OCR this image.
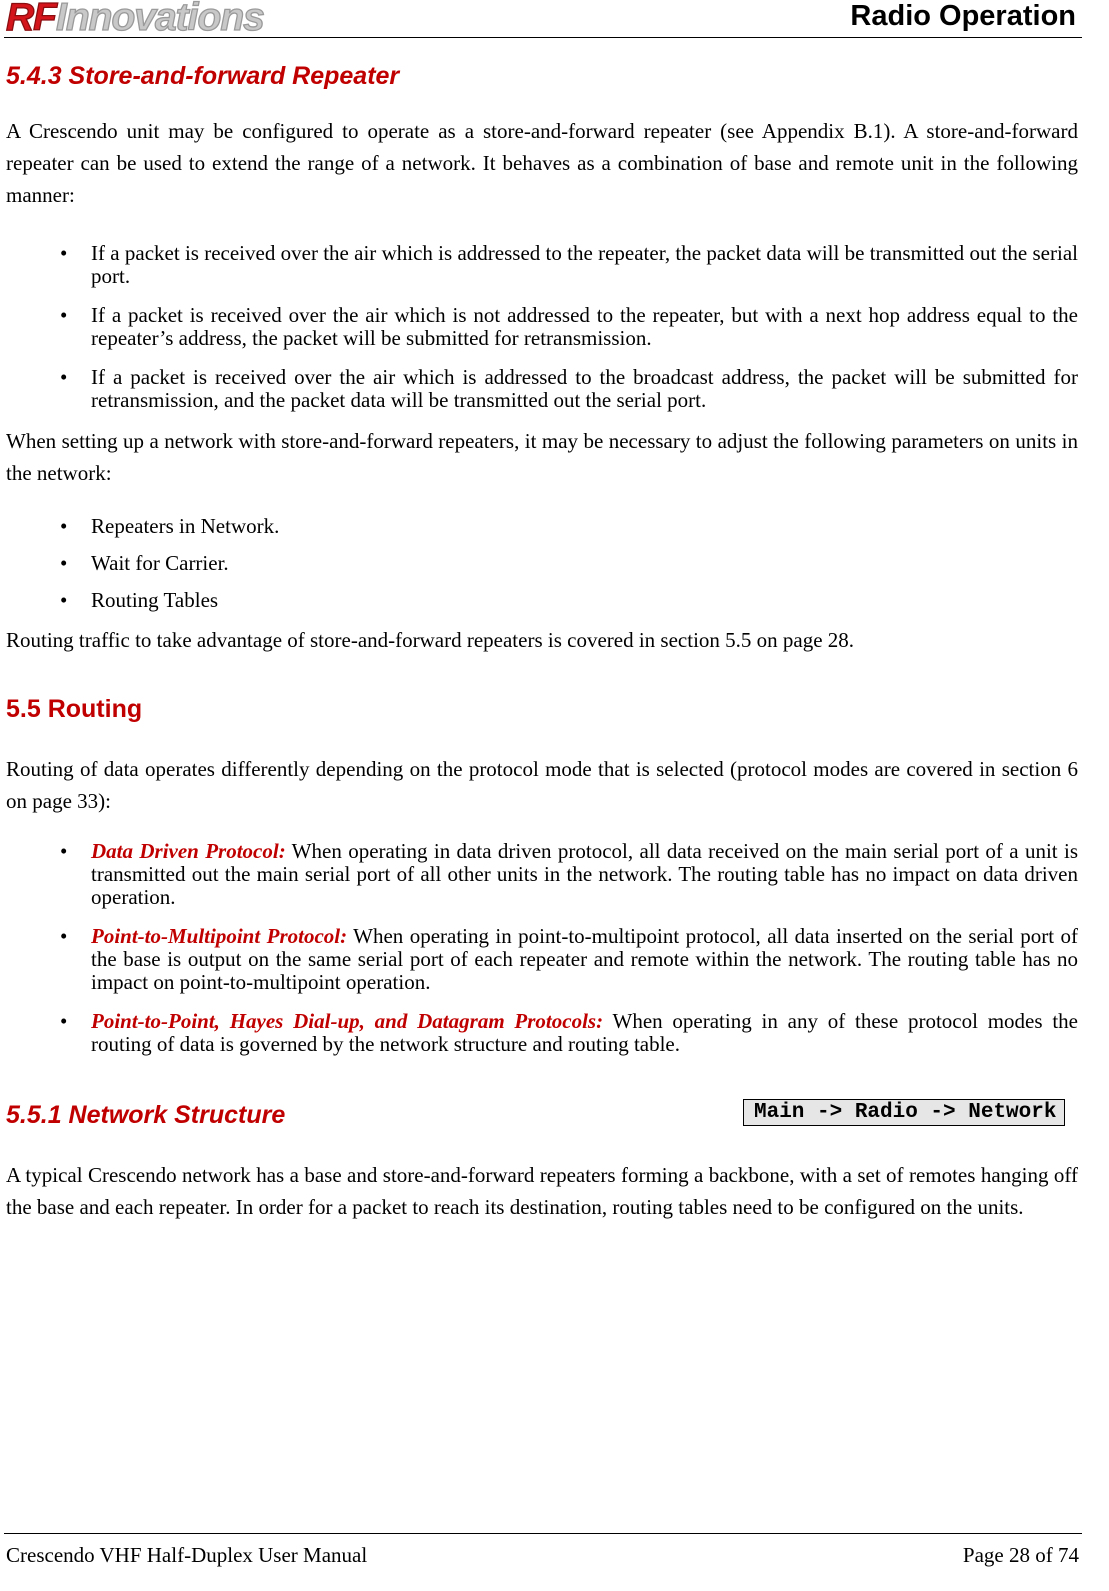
RFInnovations	Radio Operation
5.4.3 Store-and-forward Repeater
A Crescendo unit may be configured to operate as a store-and-forward repeater (see Appendix B.1). A store-and-forward repeater can be used to extend the range of a network. It behaves as a combination of base and remote unit in the following manner:
• If a packet is received over the air which is addressed to the repeater, the packet data will be transmitted out the serial port.
• If a packet is received over the air which is not addressed to the repeater, but with a next hop address equal to the repeater’s address, the packet will be submitted for retransmission.
• If a packet is received over the air which is addressed to the broadcast address, the packet will be submitted for retransmission, and the packet data will be transmitted out the serial port.
When setting up a network with store-and-forward repeaters, it may be necessary to adjust the following parameters on units in the network:
• Repeaters in Network.
• Wait for Carrier.
• Routing Tables
Routing traffic to take advantage of store-and-forward repeaters is covered in section 5.5 on page 28.
5.5 Routing
Routing of data operates differently depending on the protocol mode that is selected (protocol modes are covered in section 6 on page 33):
• Data Driven Protocol: When operating in data driven protocol, all data received on the main serial port of a unit is transmitted out the main serial port of all other units in the network. The routing table has no impact on data driven operation.
• Point-to-Multipoint Protocol: When operating in point-to-multipoint protocol, all data inserted on the serial port of the base is output on the same serial port of each repeater and remote within the network. The routing table has no impact on point-to-multipoint operation.
• Point-to-Point, Hayes Dial-up, and Datagram Protocols: When operating in any of these protocol modes the routing of data is governed by the network structure and routing table.
5.5.1 Network Structure	Main -> Radio -> Network
A typical Crescendo network has a base and store-and-forward repeaters forming a backbone, with a set of remotes hanging off the base and each repeater. In order for a packet to reach its destination, routing tables need to be configured on the units.
Crescendo VHF Half-Duplex User Manual	Page 28 of 74
